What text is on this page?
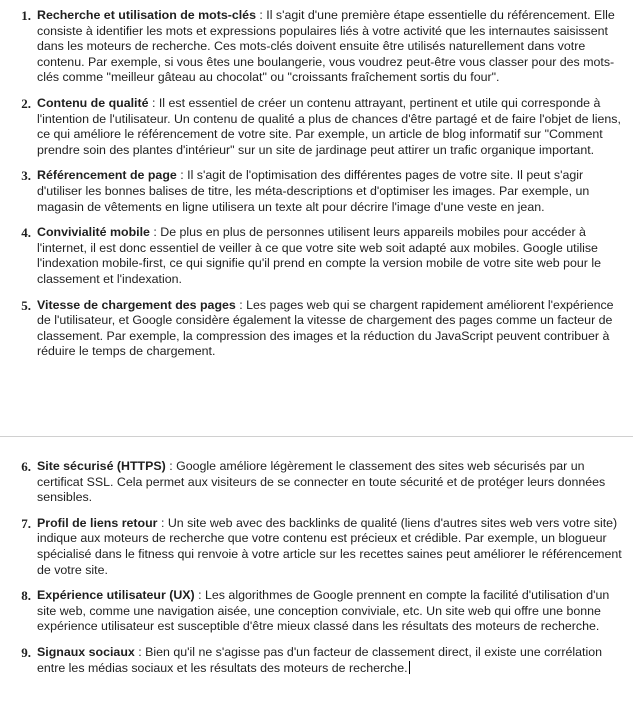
1. Recherche et utilisation de mots-clés : Il s'agit d'une première étape essentielle du référencement. Elle consiste à identifier les mots et expressions populaires liés à votre activité que les internautes saisissent dans les moteurs de recherche. Ces mots-clés doivent ensuite être utilisés naturellement dans votre contenu. Par exemple, si vous êtes une boulangerie, vous voudrez peut-être vous classer pour des mots-clés comme "meilleur gâteau au chocolat" ou "croissants fraîchement sortis du four".
2. Contenu de qualité : Il est essentiel de créer un contenu attrayant, pertinent et utile qui corresponde à l'intention de l'utilisateur. Un contenu de qualité a plus de chances d'être partagé et de faire l'objet de liens, ce qui améliore le référencement de votre site. Par exemple, un article de blog informatif sur "Comment prendre soin des plantes d'intérieur" sur un site de jardinage peut attirer un trafic organique important.
3. Référencement de page : Il s'agit de l'optimisation des différentes pages de votre site. Il peut s'agir d'utiliser les bonnes balises de titre, les méta-descriptions et d'optimiser les images. Par exemple, un magasin de vêtements en ligne utilisera un texte alt pour décrire l'image d'une veste en jean.
4. Convivialité mobile : De plus en plus de personnes utilisent leurs appareils mobiles pour accéder à l'internet, il est donc essentiel de veiller à ce que votre site web soit adapté aux mobiles. Google utilise l'indexation mobile-first, ce qui signifie qu'il prend en compte la version mobile de votre site web pour le classement et l'indexation.
5. Vitesse de chargement des pages : Les pages web qui se chargent rapidement améliorent l'expérience de l'utilisateur, et Google considère également la vitesse de chargement des pages comme un facteur de classement. Par exemple, la compression des images et la réduction du JavaScript peuvent contribuer à réduire le temps de chargement.
6. Site sécurisé (HTTPS) : Google améliore légèrement le classement des sites web sécurisés par un certificat SSL. Cela permet aux visiteurs de se connecter en toute sécurité et de protéger leurs données sensibles.
7. Profil de liens retour : Un site web avec des backlinks de qualité (liens d'autres sites web vers votre site) indique aux moteurs de recherche que votre contenu est précieux et crédible. Par exemple, un blogueur spécialisé dans le fitness qui renvoie à votre article sur les recettes saines peut améliorer le référencement de votre site.
8. Expérience utilisateur (UX) : Les algorithmes de Google prennent en compte la facilité d'utilisation d'un site web, comme une navigation aisée, une conception conviviale, etc. Un site web qui offre une bonne expérience utilisateur est susceptible d'être mieux classé dans les résultats des moteurs de recherche.
9. Signaux sociaux : Bien qu'il ne s'agisse pas d'un facteur de classement direct, il existe une corrélation entre les médias sociaux et les résultats des moteurs de recherche.
